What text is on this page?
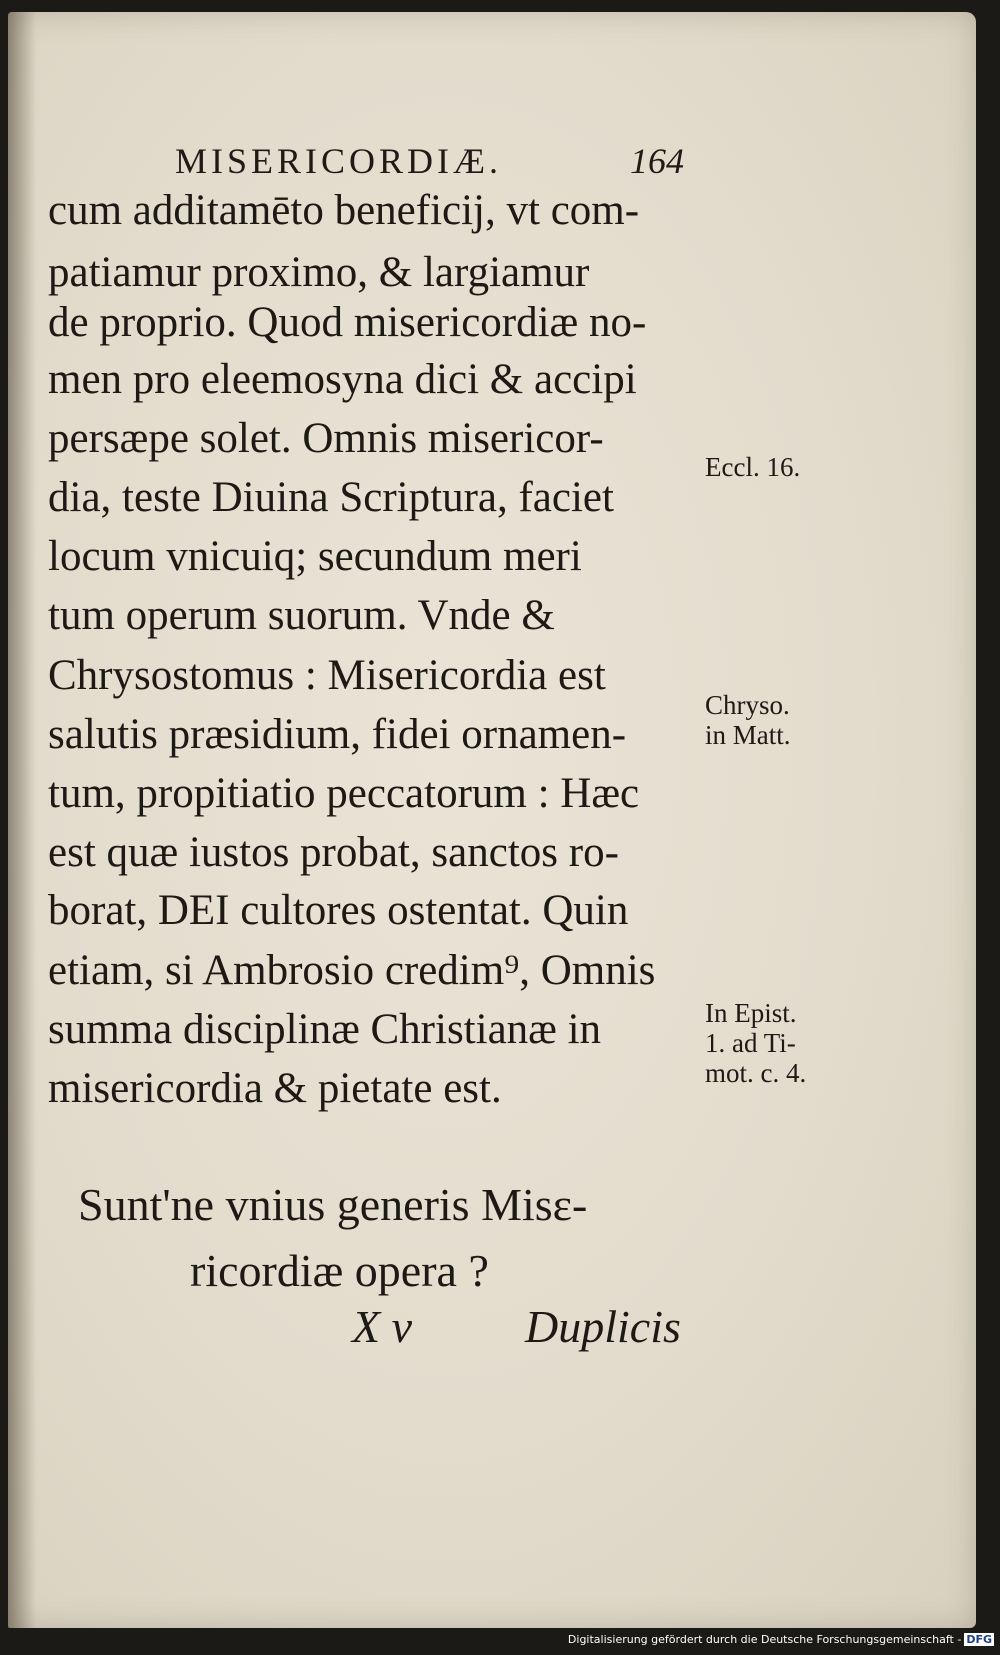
MISERICORDIÆ.	164
cum additamēto beneficij, vt com-
patiamur proximo, & largiamur
de proprio. Quod misericordiæ no-
men pro eleemosyna dici & accipi
persæpe solet. Omnis misericor-
dia, teste Diuina Scriptura, faciet
locum vnicuiq; secundum meri
tum operum suorum. Vnde &
Chrysostomus : Misericordia est
salutis præsidium, fidei ornamen-
tum, propitiatio peccatorum : Hæc
est quæ iustos probat, sanctos ro-
borat, DEI cultores ostentat. Quin
etiam, si Ambrosio credim⁹, Omnis
summa disciplinæ Christianæ in
misericordia & pietate est.
Eccl. 16.
Chryso.
in Matt.
In Epist.
1. ad Ti-
mot. c. 4.
Sunt'ne vnius generis Misε-
ricordiæ opera ?
X v Duplicis
Digitalisierung gefördert durch die Deutsche Forschungsgemeinschaft - DFG
